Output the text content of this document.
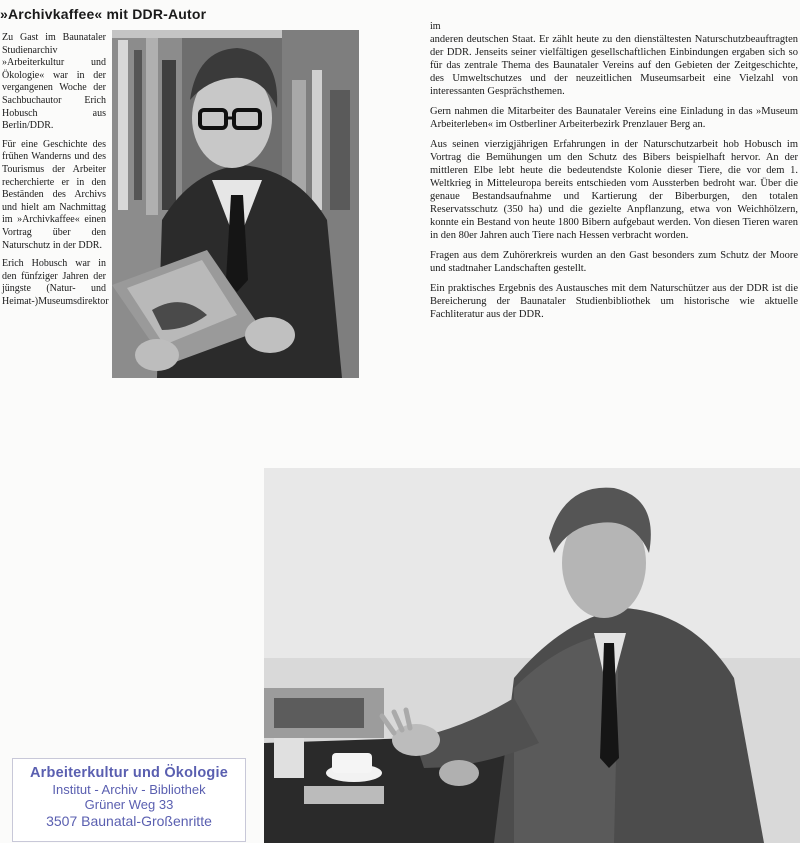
»Archivkaffee« mit DDR-Autor

Zu Gast im Baunataler Studienarchiv »Arbeiterkultur und Ökologie« war in der vergangenen Woche der Sachbuchautor Erich Hobusch aus Berlin/DDR.

Für eine Geschichte des frühen Wanderns und des Tourismus der Arbeiter recherchierte er in den Beständen des Archivs und hielt am Nachmittag im »Archivkaffee« einen Vortrag über den Naturschutz in der DDR.

Erich Hobusch war in den fünfziger Jahren der jüngste (Natur- und Heimat-)Museumsdirektor

im

anderen deutschen Staat. Er zählt heute zu den dienstältesten Naturschutzbeauftragten der DDR. Jenseits seiner vielfältigen gesellschaftlichen Einbindungen ergaben sich so für das zentrale Thema des Baunataler Vereins auf den Gebieten der Zeitgeschichte, des Umweltschutzes und der neuzeitlichen Museumsarbeit eine Vielzahl von interessanten Gesprächsthemen.

Gern nahmen die Mitarbeiter des Baunataler Vereins eine Einladung in das »Museum Arbeiterleben« im Ostberliner Arbeiterbezirk Prenzlauer Berg an.

Aus seinen vierzigjährigen Erfahrungen in der Naturschutzarbeit hob Hobusch im Vortrag die Bemühungen um den Schutz des Bibers beispielhaft hervor. An der mittleren Elbe lebt heute die bedeutendste Kolonie dieser Tiere, die vor dem 1. Weltkrieg in Mitteleuropa bereits entschieden vom Aussterben bedroht war. Über die genaue Bestandsaufnahme und Kartierung der Biberburgen, den totalen Reservatsschutz (350 ha) und die gezielte Anpflanzung, etwa von Weichhölzern, konnte ein Bestand von heute 1800 Bibern aufgebaut werden. Von diesen Tieren waren in den 80er Jahren auch Tiere nach Hessen verbracht worden.

Fragen aus dem Zuhörerkreis wurden an den Gast besonders zum Schutz der Moore und stadtnaher Landschaften gestellt.

Ein praktisches Ergebnis des Austausches mit dem Naturschützer aus der DDR ist die Bereicherung der Baunataler Studienbibliothek um historische wie aktuelle Fachliteratur aus der DDR.

Arbeiterkultur und Ökologie
Institut - Archiv - Bibliothek
Grüner Weg 33
3507 Baunatal-Großenritte
